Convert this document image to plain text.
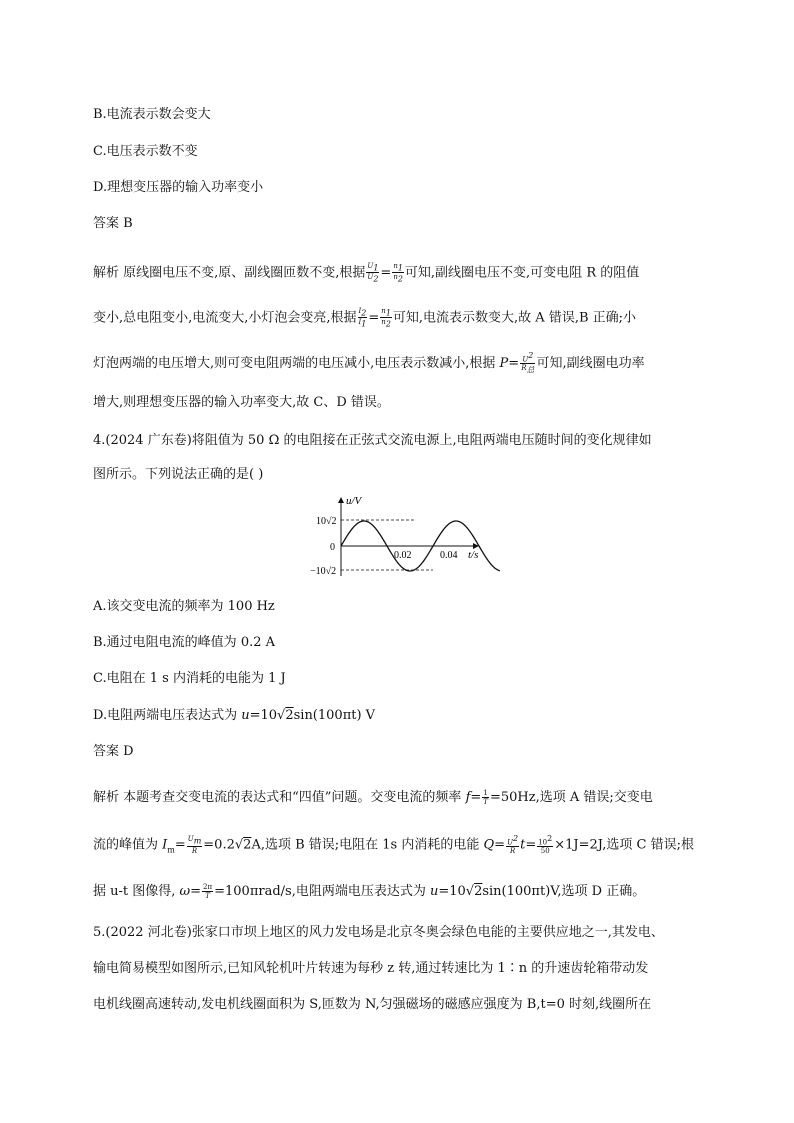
B.电流表示数会变大
C.电压表示数不变
D.理想变压器的输入功率变小
答案 B
解析 原线圈电压不变,原、副线圈匝数不变,根据 $\frac{U1}{U2} = \frac{n1}{n2}$ 可知,副线圈电压不变,可变电阻 R 的阻值
变小,总电阻变小,电流变大,小灯泡会变亮,根据 $\frac{I2}{I1} = \frac{n1}{n2}$ 可知,电流表示数变大,故 A 错误,B 正确;小
灯泡两端的电压增大,则可变电阻两端的电压减小,电压表示数减小,根据 P= U2
R总 可知,副线圈电功率
增大,则理想变压器的输入功率变大,故 C、D 错误。
4.(2024 广东卷)将阻值为 50 Ω 的电阻接在正弦式交流电源上,电阻两端电压随时间的变化规律如
图所示。下列说法正确的是( )
u/V
t/s
10√2
0
−10√2
0.02	0.04
A.该交变电流的频率为 100 Hz
B.通过电阻电流的峰值为 0.2 A
C.电阻在 1 s 内消耗的电能为 1 J
D.电阻两端电压表达式为 u=10√2sin(100πt) V
答案 D
解析 本题考查交变电流的表达式和“四值”问题。交变电流的频率 $f= \frac{1}{T} =50Hz$,选项 A 错误;交变电
流的峰值为 $I_m= \frac{Um}{R} =0.2√2A$,选项 B 错误;电阻在 1s 内消耗的电能 $Q= \frac{U2}{R} t= \frac{102}{50} \times 1J=2J$,选项 C 错误;根
据 u-t 图像得, $\omega= \frac{2\pi}{T} =100\pi rad/s$,电阻两端电压表达式为 u=10√2sin(100πt)V,选项 D 正确。
5.(2022 河北卷)张家口市坝上地区的风力发电场是北京冬奥会绿色电能的主要供应地之一,其发电、
输电简易模型如图所示,已知风轮机叶片转速为每秒 z 转,通过转速比为 1∶n 的升速齿轮箱带动发
电机线圈高速转动,发电机线圈面积为 S,匝数为 N,匀强磁场的磁感应强度为 B,t=0 时刻,线圈所在
